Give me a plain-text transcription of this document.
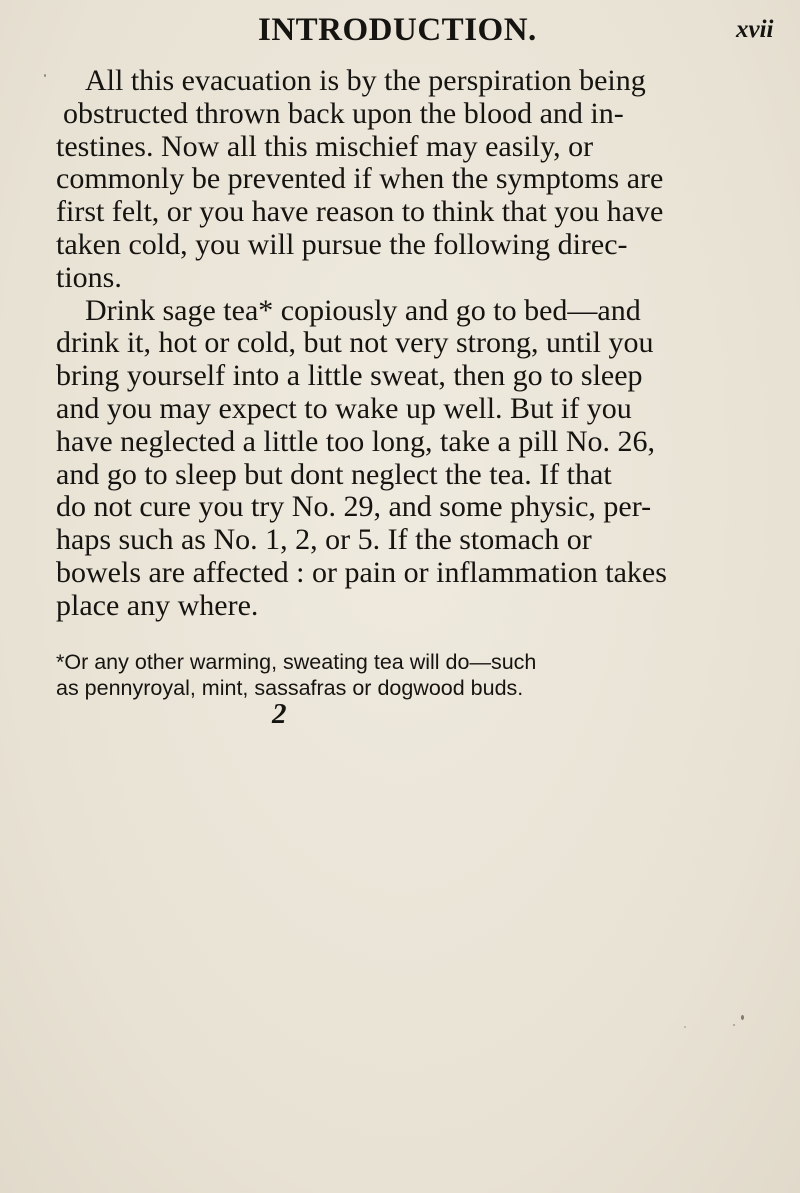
INTRODUCTION.	xvii
All this evacuation is by the perspiration being
obstructed thrown back upon the blood and in-
testines. Now all this mischief may easily, or
commonly be prevented if when the symptoms are
first felt, or you have reason to think that you have
taken cold, you will pursue the following direc-
tions.
Drink sage tea* copiously and go to bed—and
drink it, hot or cold, but not very strong, until you
bring yourself into a little sweat, then go to sleep
and you may expect to wake up well. But if you
have neglected a little too long, take a pill No. 26,
and go to sleep but dont neglect the tea. If that
do not cure you try No. 29, and some physic, per-
haps such as No. 1, 2, or 5. If the stomach or
bowels are affected : or pain or inflammation takes
place any where.
*Or any other warming, sweating tea will do—such
as pennyroyal, mint, sassafras or dogwood buds.
2
